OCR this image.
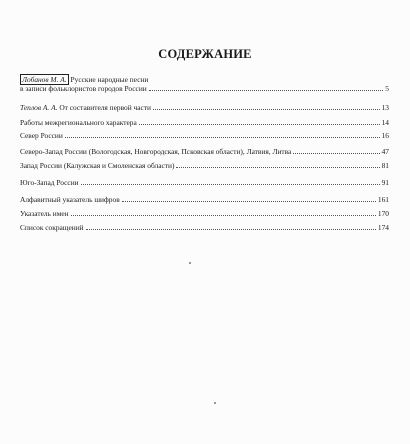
СОДЕРЖАНИЕ
Лобанов М. А. Русские народные песни
в записи фольклористов городов России	5
Теплов А. А. От составителя первой части	13
Работы межрегионального характера	14
Север России	16
Северо-Запад России (Вологодская, Новгородская, Псковская области), Латвия, Литва	47
Запад России (Калужская и Смоленская области)	81
Юго-Запад России	91
Алфавитный указатель шифров	161
Указатель имен	170
Список сокращений	174
